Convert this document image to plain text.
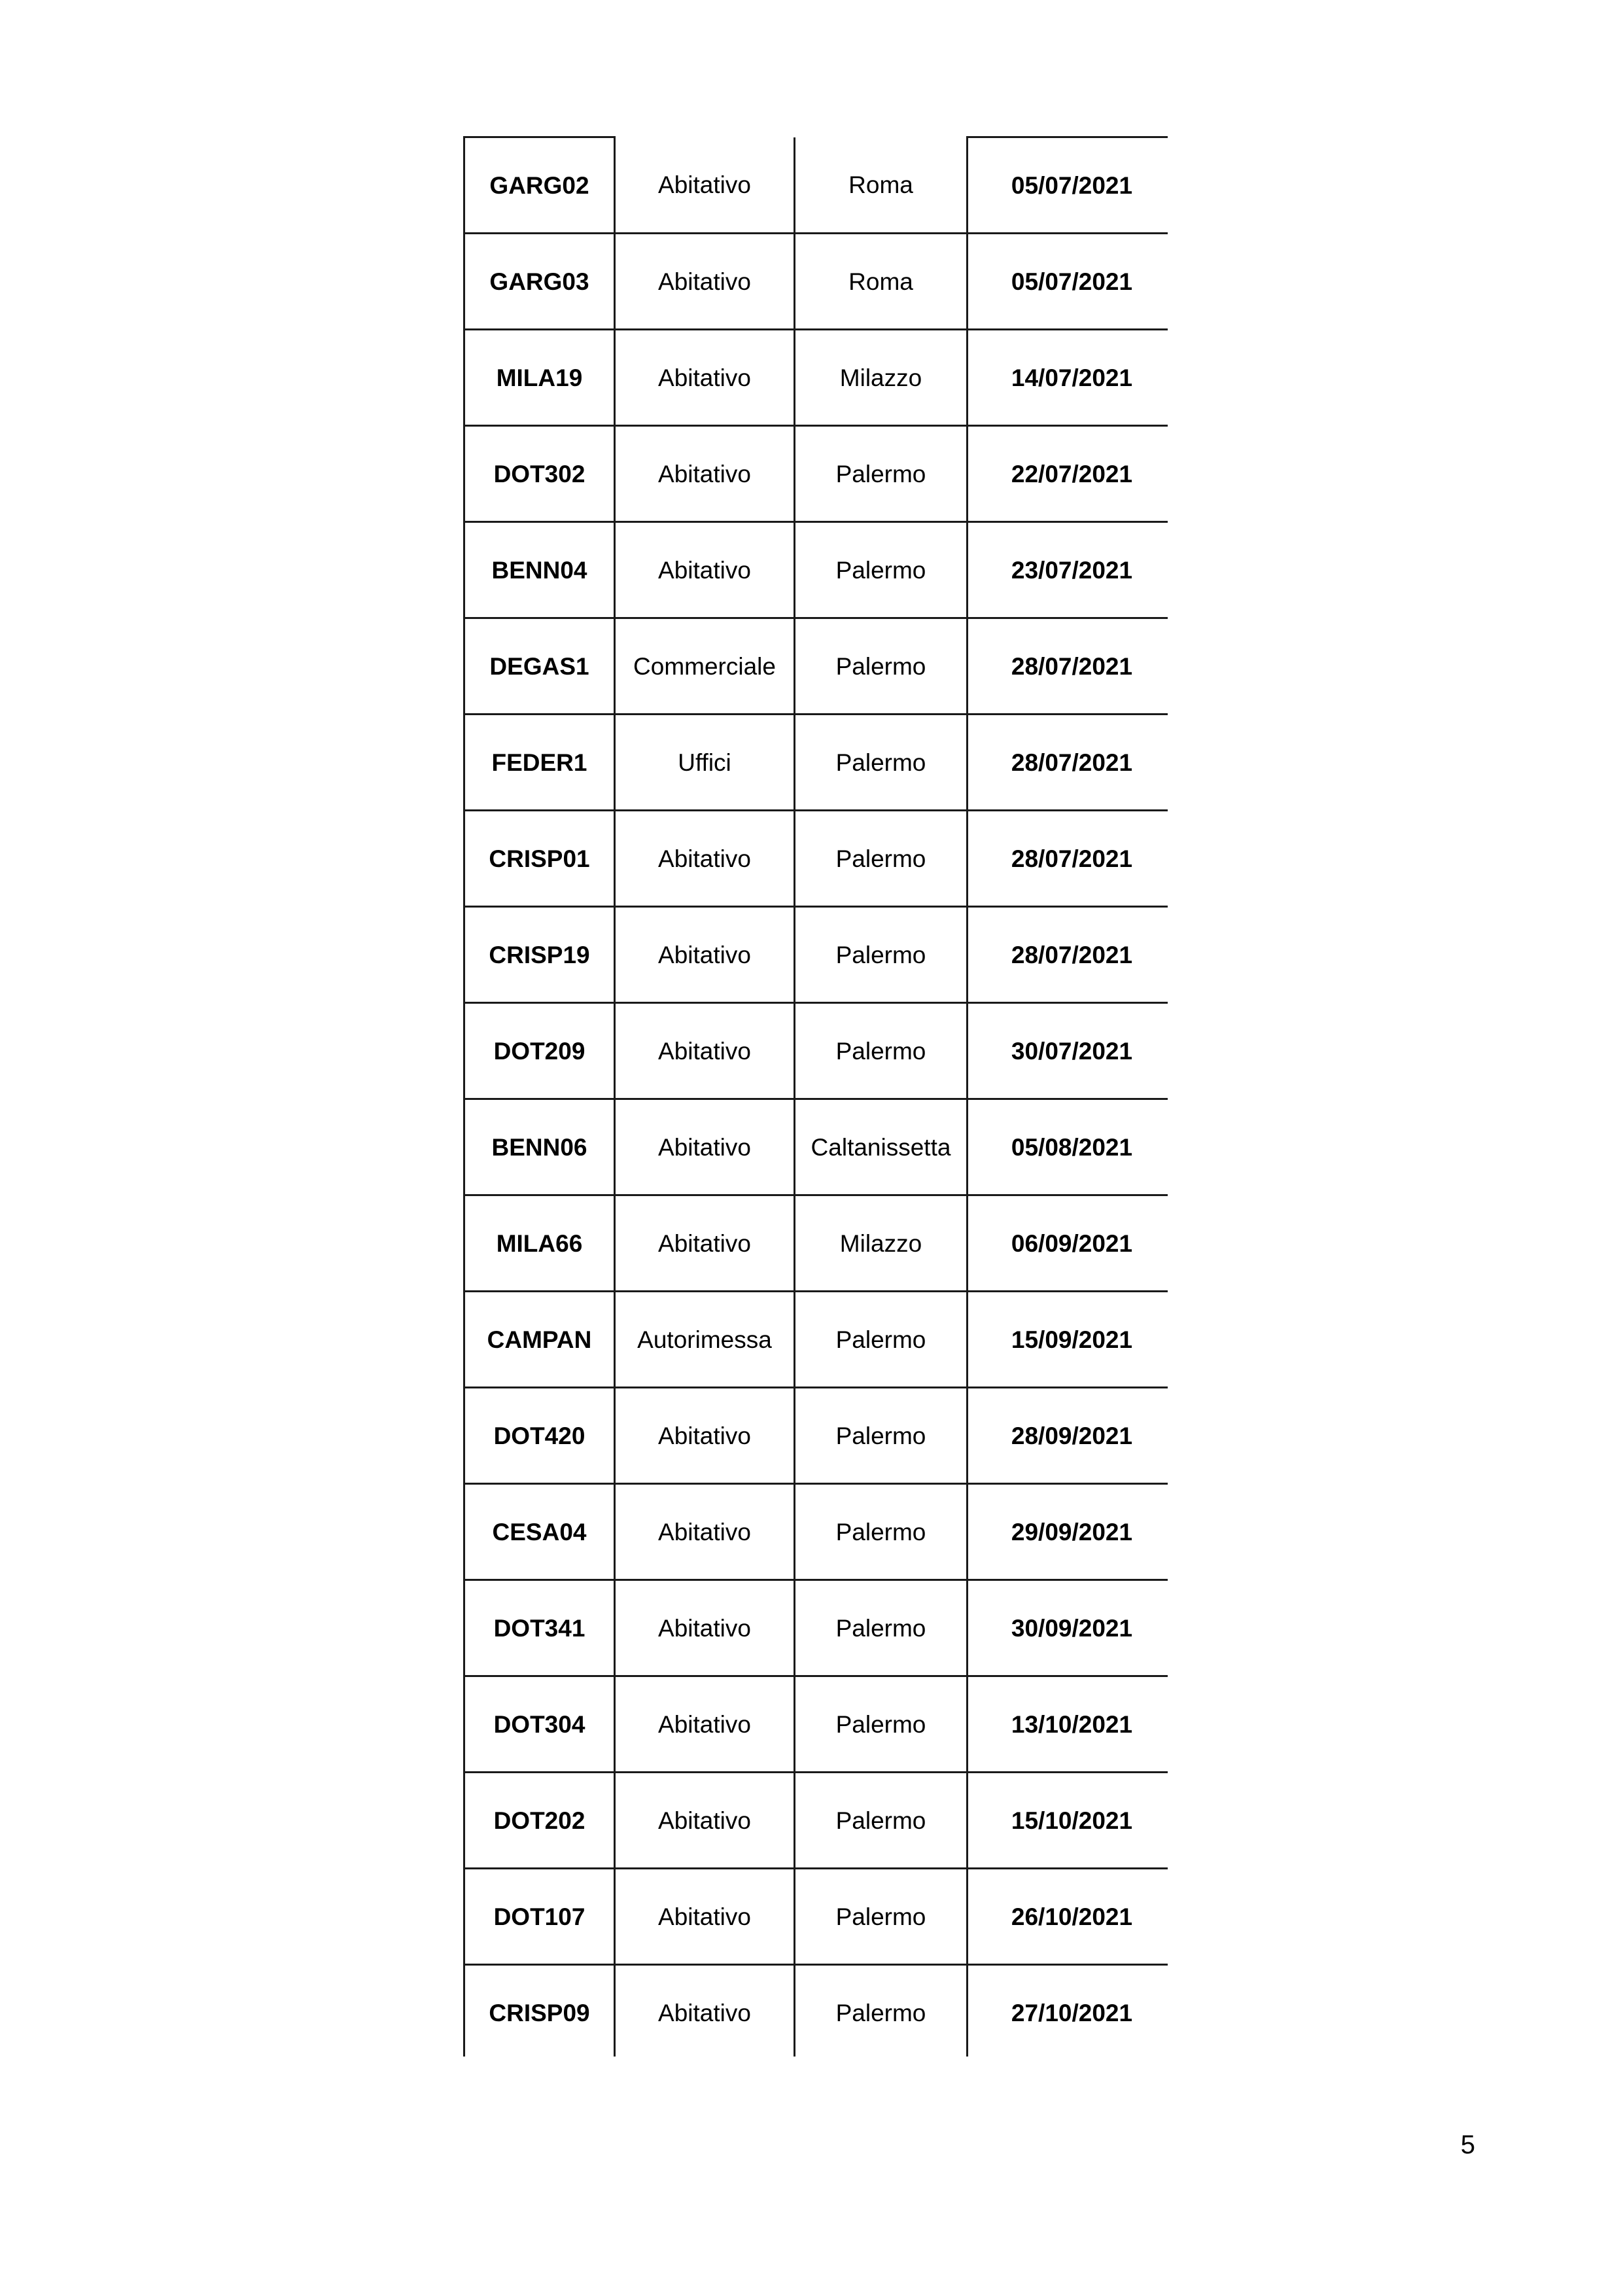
GARG02	Abitativo	Roma	05/07/2021
GARG03	Abitativo	Roma	05/07/2021
MILA19	Abitativo	Milazzo	14/07/2021
DOT302	Abitativo	Palermo	22/07/2021
BENN04	Abitativo	Palermo	23/07/2021
DEGAS1	Commerciale	Palermo	28/07/2021
FEDER1	Uffici	Palermo	28/07/2021
CRISP01	Abitativo	Palermo	28/07/2021
CRISP19	Abitativo	Palermo	28/07/2021
DOT209	Abitativo	Palermo	30/07/2021
BENN06	Abitativo	Caltanissetta	05/08/2021
MILA66	Abitativo	Milazzo	06/09/2021
CAMPAN	Autorimessa	Palermo	15/09/2021
DOT420	Abitativo	Palermo	28/09/2021
CESA04	Abitativo	Palermo	29/09/2021
DOT341	Abitativo	Palermo	30/09/2021
DOT304	Abitativo	Palermo	13/10/2021
DOT202	Abitativo	Palermo	15/10/2021
DOT107	Abitativo	Palermo	26/10/2021
CRISP09	Abitativo	Palermo	27/10/2021
5
